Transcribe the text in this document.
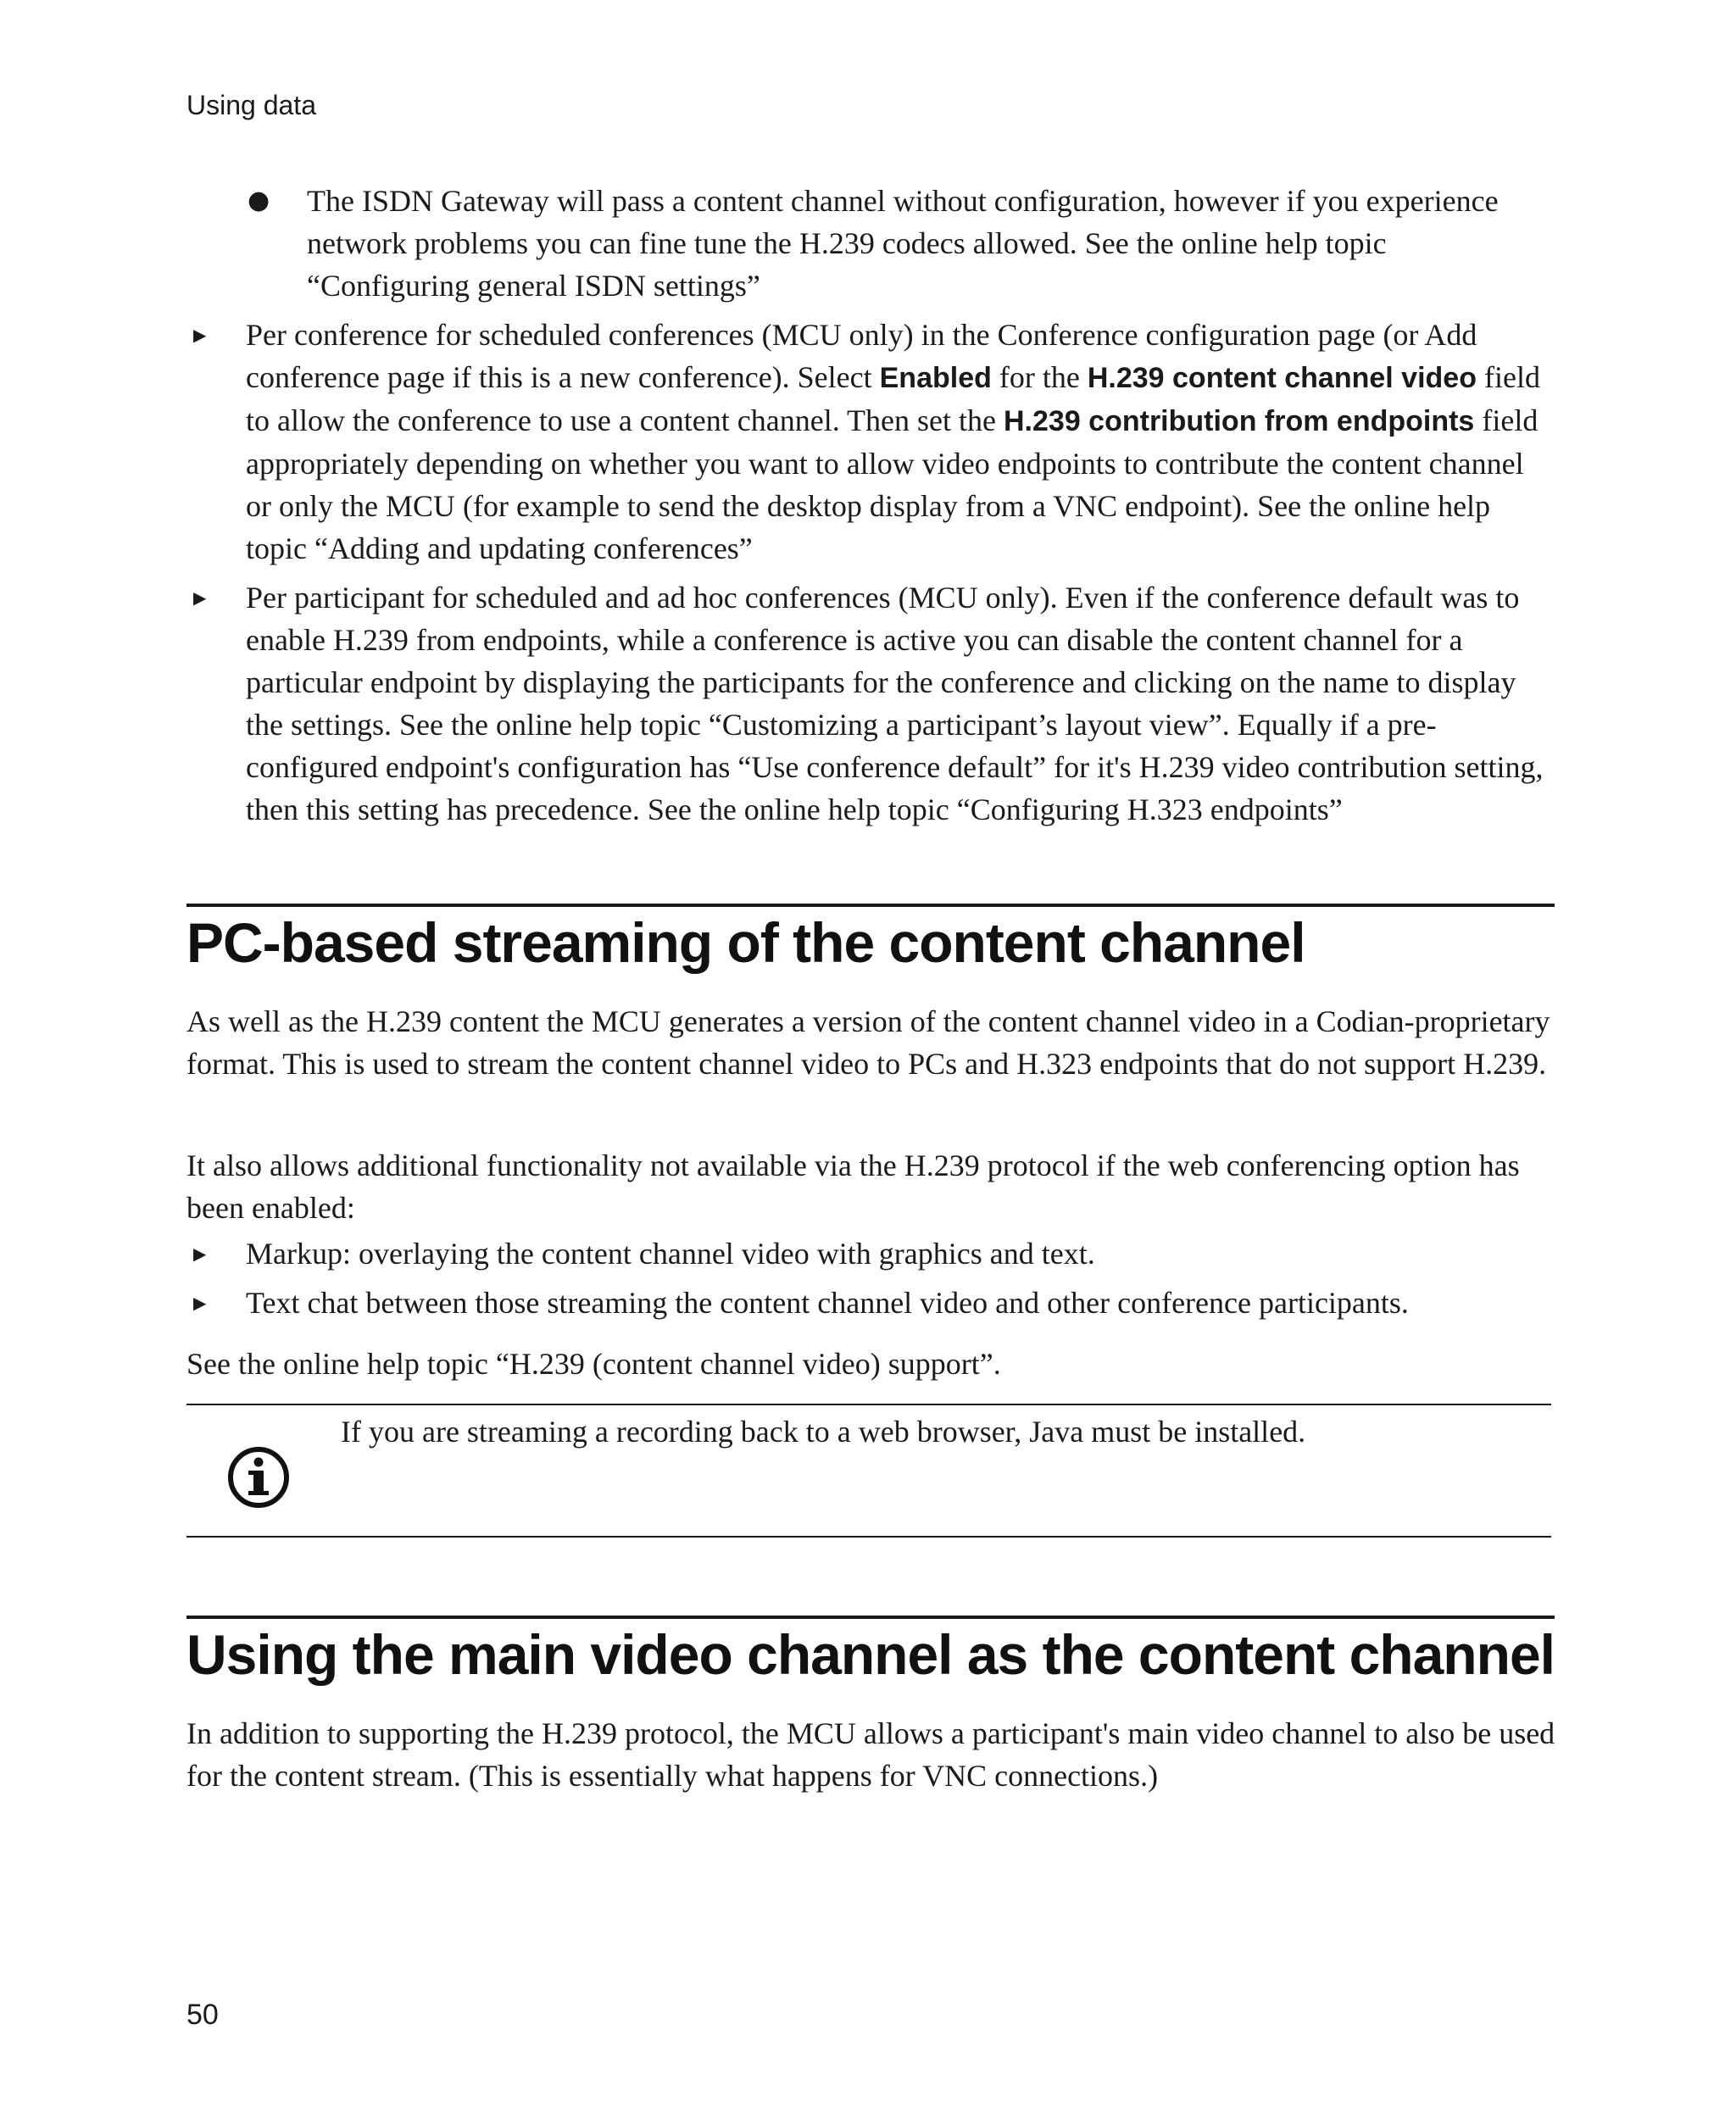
Using data
● The ISDN Gateway will pass a content channel without configuration, however if you experience network problems you can fine tune the H.239 codecs allowed. See the online help topic “Configuring general ISDN settings”
▶ Per conference for scheduled conferences (MCU only) in the Conference configuration page (or Add conference page if this is a new conference). Select Enabled for the H.239 content channel video field to allow the conference to use a content channel. Then set the H.239 contribution from endpoints field appropriately depending on whether you want to allow video endpoints to contribute the content channel or only the MCU (for example to send the desktop display from a VNC endpoint). See the online help topic “Adding and updating conferences”
▶ Per participant for scheduled and ad hoc conferences (MCU only). Even if the conference default was to enable H.239 from endpoints, while a conference is active you can disable the content channel for a particular endpoint by displaying the participants for the conference and clicking on the name to display the settings. See the online help topic “Customizing a participant’s layout view”. Equally if a pre-configured endpoint's configuration has “Use conference default” for it's H.239 video contribution setting, then this setting has precedence. See the online help topic “Configuring H.323 endpoints”
PC-based streaming of the content channel
As well as the H.239 content the MCU generates a version of the content channel video in a Codian-proprietary format. This is used to stream the content channel video to PCs and H.323 endpoints that do not support H.239.
It also allows additional functionality not available via the H.239 protocol if the web conferencing option has been enabled:
▶ Markup: overlaying the content channel video with graphics and text.
▶ Text chat between those streaming the content channel video and other conference participants.
See the online help topic “H.239 (content channel video) support”.
If you are streaming a recording back to a web browser, Java must be installed.
Using the main video channel as the content channel
In addition to supporting the H.239 protocol, the MCU allows a participant's main video channel to also be used for the content stream. (This is essentially what happens for VNC connections.)
50
